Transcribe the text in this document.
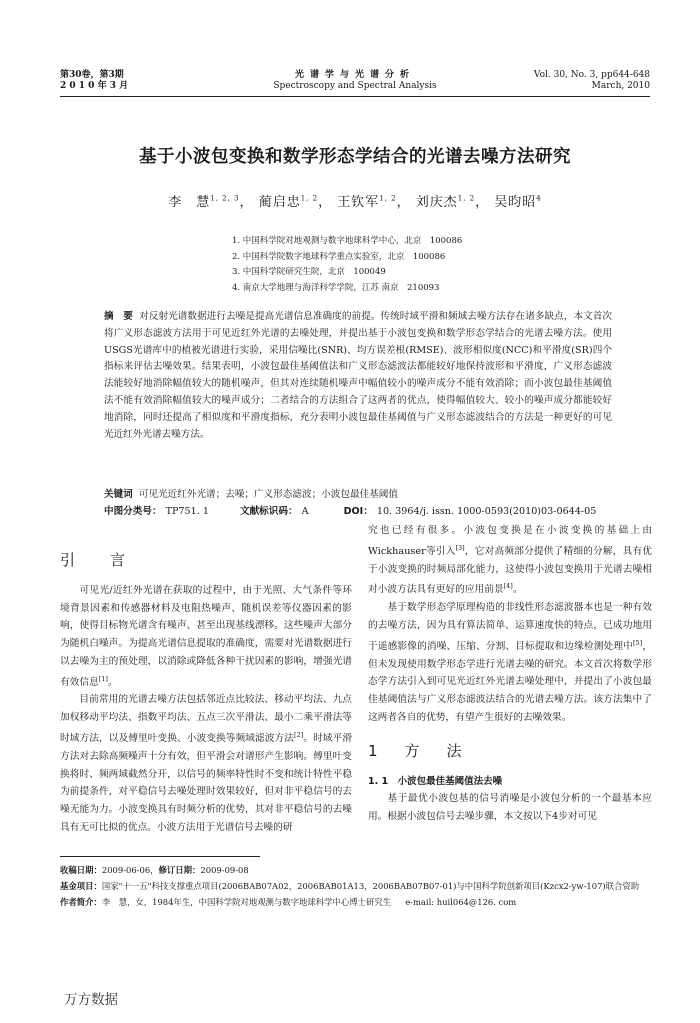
第30卷，第3期
2 0 1 0 年 3 月
光谱学与光谱分析
Spectroscopy and Spectral Analysis
Vol. 30, No. 3, pp644-648
March, 2010
基于小波包变换和数学形态学结合的光谱去噪方法研究
李　慧$^{1, 2, 3}$， 蔺启忠$^{1, 2}$， 王钦军$^{1, 2}$， 刘庆杰$^{1, 2}$， 吴昀昭$^4$
1. 中国科学院对地观测与数字地球科学中心，北京　100086
2. 中国科学院数字地球科学重点实验室，北京　100086
3. 中国科学院研究生院，北京　100049
4. 南京大学地理与海洋科学学院，江苏 南京　210093
摘　要 对反射光谱数据进行去噪是提高光谱信息准确度的前提。传统时域平滑和频域去噪方法存在诸多缺点，本文首次将广义形态滤波方法用于可见近红外光谱的去噪处理，并提出基于小波包变换和数学形态学结合的光谱去噪方法。使用USGS光谱库中的植被光谱进行实验，采用信噪比(SNR)、均方误差根(RMSE)、波形相似度(NCC)和平滑度(SR)四个指标来评估去噪效果。结果表明，小波包最佳基阈值法和广义形态滤波法都能较好地保持波形和平滑度，广义形态滤波法能较好地消除幅值较大的随机噪声，但其对连续随机噪声中幅值较小的噪声成分不能有效消除；而小波包最佳基阈值法不能有效消除幅值较大的噪声成分；二者结合的方法组合了这两者的优点，使得幅值较大、较小的噪声成分都能较好地消除，同时还提高了相似度和平滑度指标，充分表明小波包最佳基阈值与广义形态滤波结合的方法是一种更好的可见光近红外光谱去噪方法。
关键词 可见光近红外光谱；去噪；广义形态滤波；小波包最佳基阈值
中图分类号： TP751. 1	文献标识码： A	DOI： 10. 3964/j. issn. 1000-0593(2010)03-0644-05
引　言

可见光/近红外光谱在获取的过程中，由于光照、大气条件等环境背景因素和传感器材料及电阻热噪声、随机误差等仪器因素的影响，使得目标物光谱含有噪声、甚至出现基线漂移。这些噪声大部分为随机白噪声。为提高光谱信息提取的准确度，需要对光谱数据进行以去噪为主的预处理，以消除或降低各种干扰因素的影响，增强光谱有效信息[1]。

目前常用的光谱去噪方法包括邻近点比较法、移动平均法、九点加权移动平均法、指数平均法、五点三次平滑法、最小二乘平滑法等时域方法，以及傅里叶变换、小波变换等频域滤波方法[2]。时域平滑方法对去除高频噪声十分有效，但平滑会对谱形产生影响。傅里叶变换将时、频两域截然分开，以信号的频率特性时不变和统计特性平稳为前提条件，对平稳信号去噪处理时效果较好，但对非平稳信号的去噪无能为力。小波变换具有时频分析的优势，其对非平稳信号的去噪具有无可比拟的优点。小波方法用于光谱信号去噪的研

究也已经有很多。小波包变换是在小波变换的基础上由Wickhauser等引入[3]，它对高频部分提供了精细的分解，具有优于小波变换的时频局部化能力，这使得小波包变换用于光谱去噪相对小波方法具有更好的应用前景[4]。

基于数学形态学原理构造的非线性形态滤波器本也是一种有效的去噪方法，因为具有算法简单、运算速度快的特点，已成功地用于遥感影像的消噪、压缩、分割、目标提取和边缘检测处理中[5]，但未发现使用数学形态学进行光谱去噪的研究。本文首次将数学形态学方法引入到可见光近红外光谱去噪处理中，并提出了小波包最佳基阈值法与广义形态滤波法结合的光谱去噪方法。该方法集中了这两者各自的优势，有望产生很好的去噪效果。

1　方　法
1. 1　小波包最佳基阈值法去噪

基于最优小波包基的信号消噪是小波包分析的一个最基本应用。根据小波包信号去噪步骤，本文按以下4步对可见

收稿日期：2009-06-06，修订日期：2009-09-08
基金项目：国家"十一五"科技支撑重点项目(2006BAB07A02，2006BAB01A13，2006BAB07B07-01)与中国科学院创新项目(Kzcx2-yw-107)联合资助
作者简介：李　慧，女，1984年生，中国科学院对地观测与数字地球科学中心博士研究生 e-mail: huil064@126. com
万方数据
